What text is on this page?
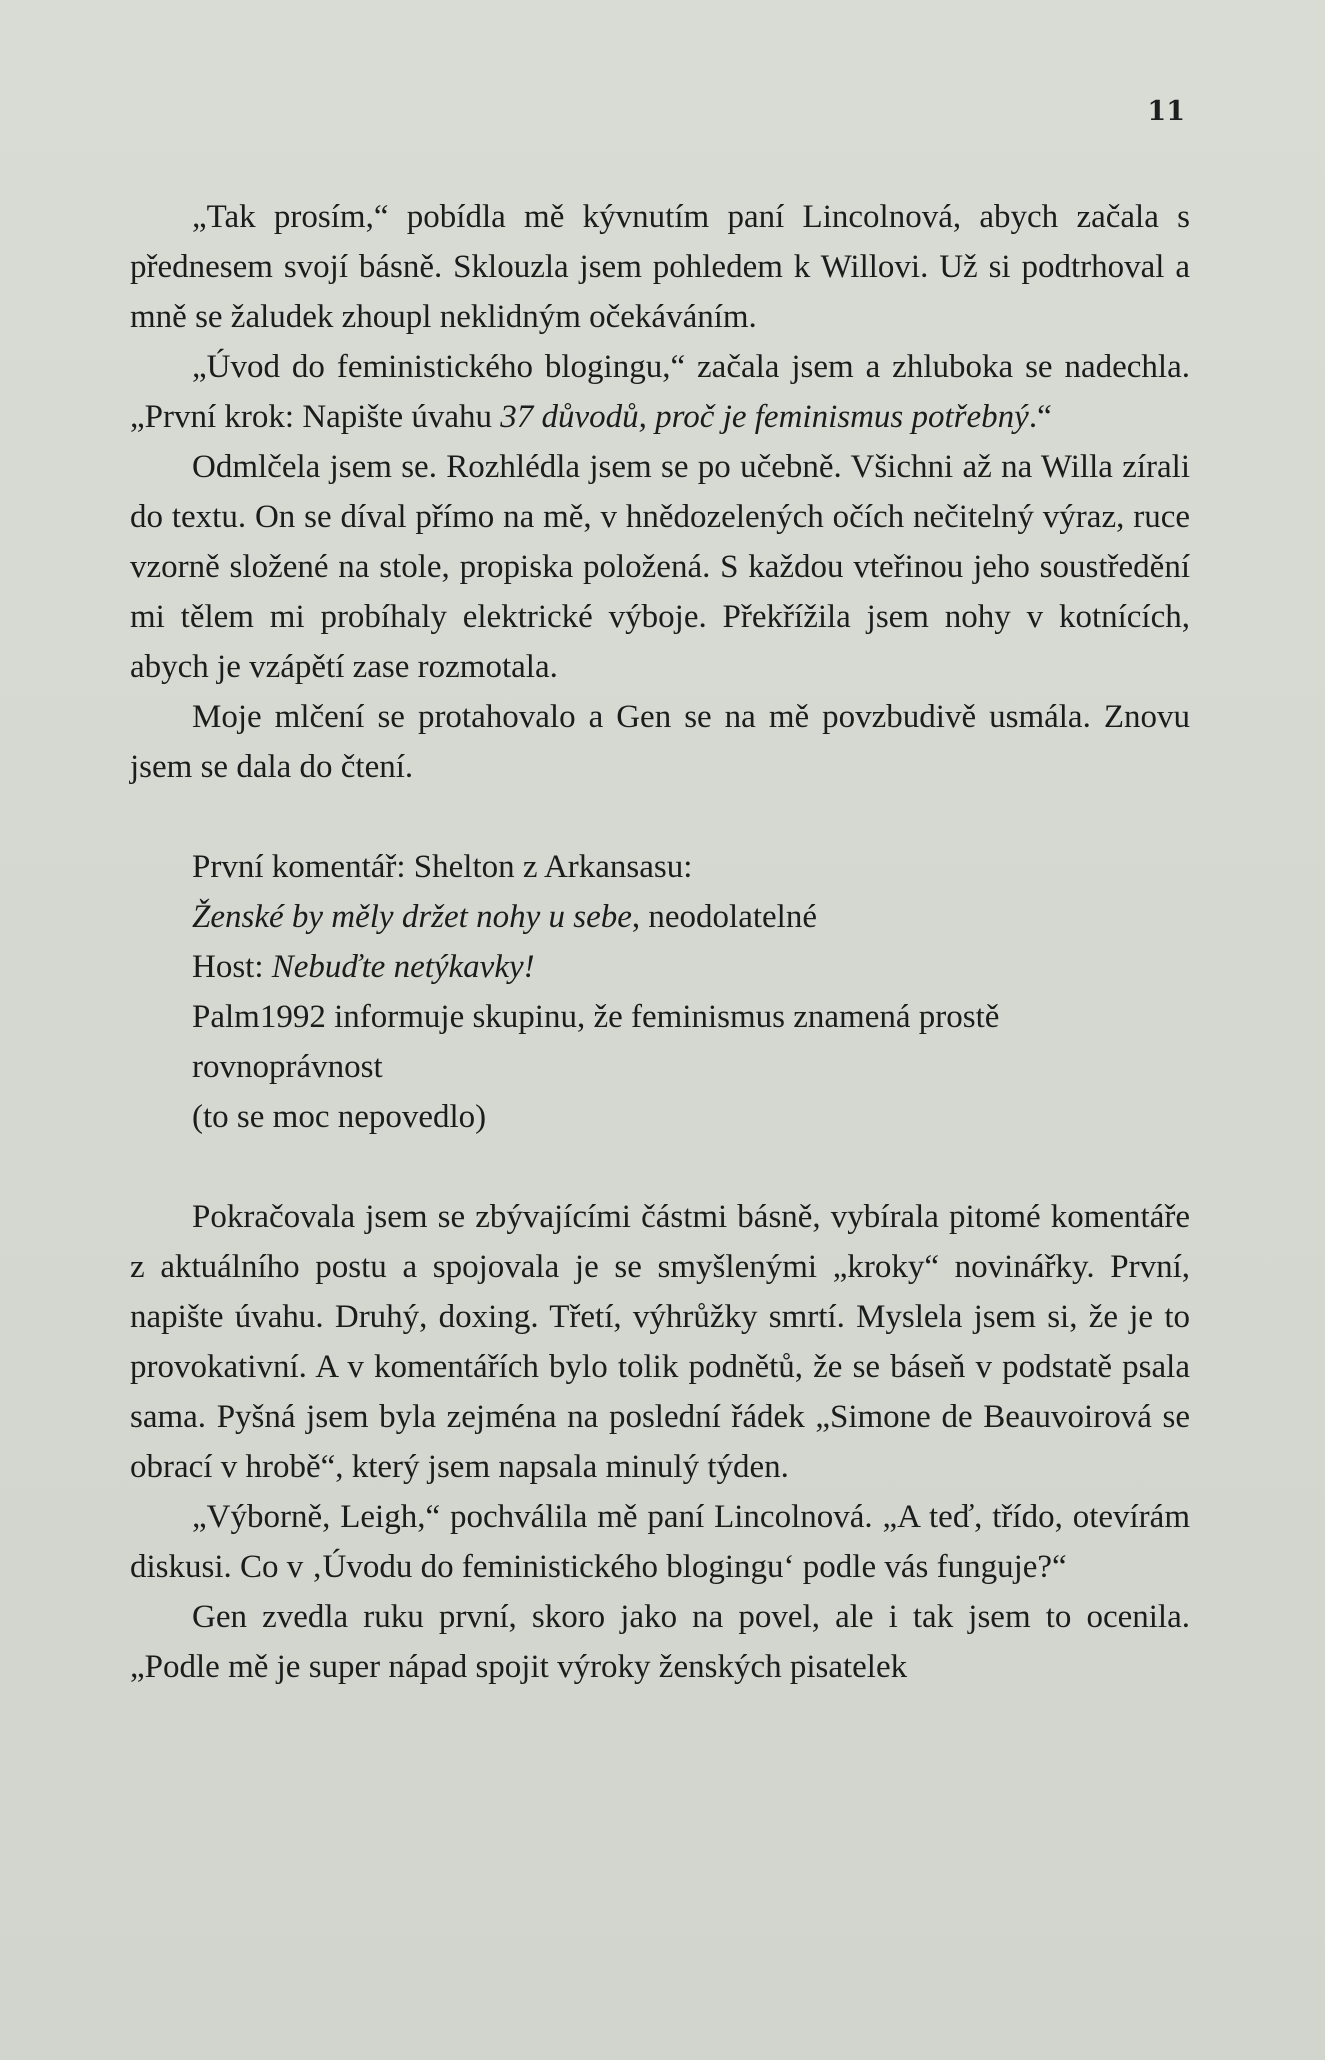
11

„Tak prosím,“ pobídla mě kývnutím paní Lincolnová, abych začala s přednesem svojí básně. Sklouzla jsem pohledem k Willovi. Už si podtrhoval a mně se žaludek zhoupl neklidným očekáváním.

„Úvod do feministického blogingu,“ začala jsem a zhluboka se nadechla. „První krok: Napište úvahu 37 důvodů, proč je feminismus potřebný.“

Odmlčela jsem se. Rozhlédla jsem se po učebně. Všichni až na Willa zírali do textu. On se díval přímo na mě, v hnědozelených očích nečitelný výraz, ruce vzorně složené na stole, propiska položená. S každou vteřinou jeho soustředění mi tělem mi probíhaly elektrické výboje. Překřížila jsem nohy v kotnících, abych je vzápětí zase rozmotala.

Moje mlčení se protahovalo a Gen se na mě povzbudivě usmála. Znovu jsem se dala do čtení.

První komentář: Shelton z Arkansasu:

Ženské by měly držet nohy u sebe, neodolatelné

Host: Nebuďte netýkavky!

Palm1992 informuje skupinu, že feminismus znamená prostě

rovnoprávnost

(to se moc nepovedlo)

Pokračovala jsem se zbývajícími částmi básně, vybírala pitomé komentáře z aktuálního postu a spojovala je se smyšlenými „kroky“ novinářky. První, napište úvahu. Druhý, doxing. Třetí, výhrůžky smrtí. Myslela jsem si, že je to provokativní. A v komentářích bylo tolik podnětů, že se báseň v podstatě psala sama. Pyšná jsem byla zejména na poslední řádek „Simone de Beauvoirová se obrací v hrobě“, který jsem napsala minulý týden.

„Výborně, Leigh,“ pochválila mě paní Lincolnová. „A teď, třído, otevírám diskusi. Co v ‚Úvodu do feministického blogingu‘ podle vás funguje?“

Gen zvedla ruku první, skoro jako na povel, ale i tak jsem to ocenila. „Podle mě je super nápad spojit výroky ženských pisatelek
